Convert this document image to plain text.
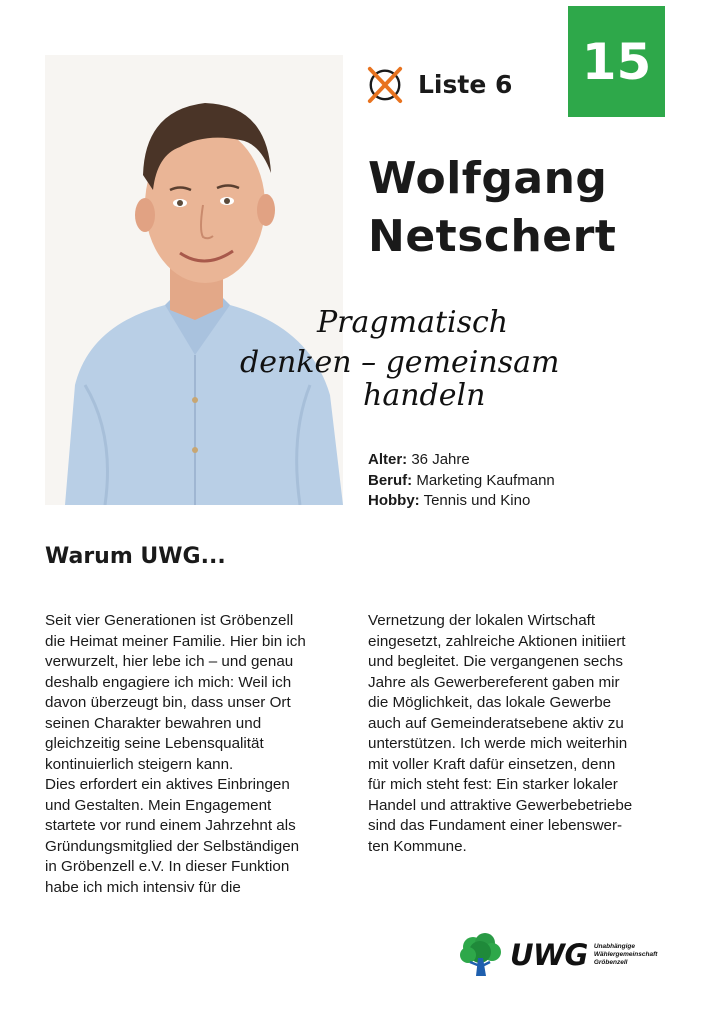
Liste 6 15
Wolfgang
Netschert
Pragmatisch
denken – gemeinsam
handeln
Alter: 36 Jahre
Beruf: Marketing Kaufmann
Hobby: Tennis und Kino
Warum UWG...

Seit vier Generationen ist Gröbenzell
die Heimat meiner Familie. Hier bin ich
verwurzelt, hier lebe ich – und genau
deshalb engagiere ich mich: Weil ich
davon überzeugt bin, dass unser Ort
seinen Charakter bewahren und
gleichzeitig seine Lebensqualität
kontinuierlich steigern kann.
Dies erfordert ein aktives Einbringen
und Gestalten. Mein Engagement
startete vor rund einem Jahrzehnt als
Gründungsmitglied der Selbständigen
in Gröbenzell e.V. In dieser Funktion
habe ich mich intensiv für die

Vernetzung der lokalen Wirtschaft
eingesetzt, zahlreiche Aktionen initiiert
und begleitet. Die vergangenen sechs
Jahre als Gewerbereferent gaben mir
die Möglichkeit, das lokale Gewerbe
auch auf Gemeinderatsebene aktiv zu
unterstützen. Ich werde mich weiterhin
mit voller Kraft dafür einsetzen, denn
für mich steht fest: Ein starker lokaler
Handel und attraktive Gewerbebetriebe
sind das Fundament einer lebenswer-
ten Kommune.

UWG Unabhängige
Wählergemeinschaft
Gröbenzell
